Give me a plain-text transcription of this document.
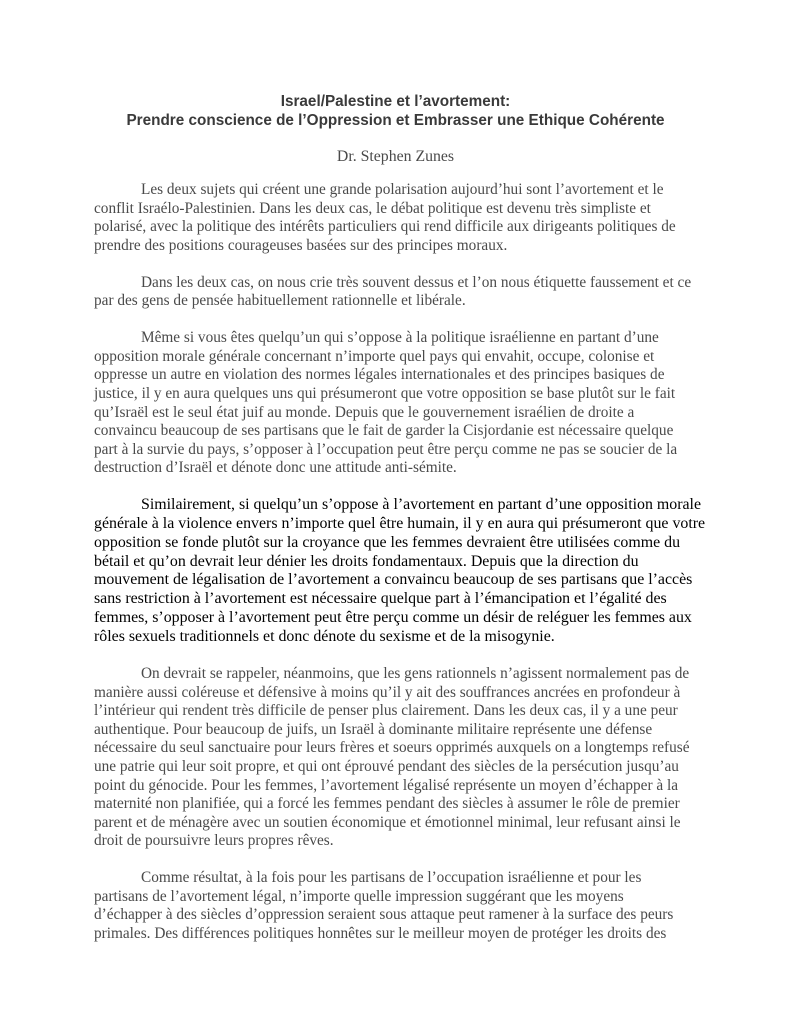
Israel/Palestine et l’avortement:
Prendre conscience de l’Oppression et Embrasser une Ethique Cohérente
Dr. Stephen Zunes
Les deux sujets qui créent une grande polarisation aujourd’hui sont l’avortement et le
conflit Israélo-Palestinien. Dans les deux cas, le débat politique est devenu très simpliste et
polarisé, avec la politique des intérêts particuliers qui rend difficile aux dirigeants politiques de
prendre des positions courageuses basées sur des principes moraux.
Dans les deux cas, on nous crie très souvent dessus et l’on nous étiquette faussement et ce
par des gens de pensée habituellement rationnelle et libérale.
Même si vous êtes quelqu’un qui s’oppose à la politique israélienne en partant d’une
opposition morale générale concernant n’importe quel pays qui envahit, occupe, colonise et
oppresse un autre en violation des normes légales internationales et des principes basiques de
justice, il y en aura quelques uns qui présumeront que votre opposition se base plutôt sur le fait
qu’Israël est le seul état juif au monde. Depuis que le gouvernement israélien de droite a
convaincu beaucoup de ses partisans que le fait de garder la Cisjordanie est nécessaire quelque
part à la survie du pays, s’opposer à l’occupation peut être perçu comme ne pas se soucier de la
destruction d’Israël et dénote donc une attitude anti-sémite.
Similairement, si quelqu’un s’oppose à l’avortement en partant d’une opposition morale
générale à la violence envers n’importe quel être humain, il y en aura qui présumeront que votre
opposition se fonde plutôt sur la croyance que les femmes devraient être utilisées comme du
bétail et qu’on devrait leur dénier les droits fondamentaux. Depuis que la direction du
mouvement de légalisation de l’avortement a convaincu beaucoup de ses partisans que l’accès
sans restriction à l’avortement est nécessaire quelque part à l’émancipation et l’égalité des
femmes, s’opposer à l’avortement peut être perçu comme un désir de reléguer les femmes aux
rôles sexuels traditionnels et donc dénote du sexisme et de la misogynie.
On devrait se rappeler, néanmoins, que les gens rationnels n’agissent normalement pas de
manière aussi coléreuse et défensive à moins qu’il y ait des souffrances ancrées en profondeur à
l’intérieur qui rendent très difficile de penser plus clairement. Dans les deux cas, il y a une peur
authentique. Pour beaucoup de juifs, un Israël à dominante militaire représente une défense
nécessaire du seul sanctuaire pour leurs frères et soeurs opprimés auxquels on a longtemps refusé
une patrie qui leur soit propre, et qui ont éprouvé pendant des siècles de la persécution jusqu’au
point du génocide. Pour les femmes, l’avortement légalisé représente un moyen d’échapper à la
maternité non planifiée, qui a forcé les femmes pendant des siècles à assumer le rôle de premier
parent et de ménagère avec un soutien économique et émotionnel minimal, leur refusant ainsi le
droit de poursuivre leurs propres rêves.
Comme résultat, à la fois pour les partisans de l’occupation israélienne et pour les
partisans de l’avortement légal, n’importe quelle impression suggérant que les moyens
d’échapper à des siècles d’oppression seraient sous attaque peut ramener à la surface des peurs
primales. Des différences politiques honnêtes sur le meilleur moyen de protéger les droits des
